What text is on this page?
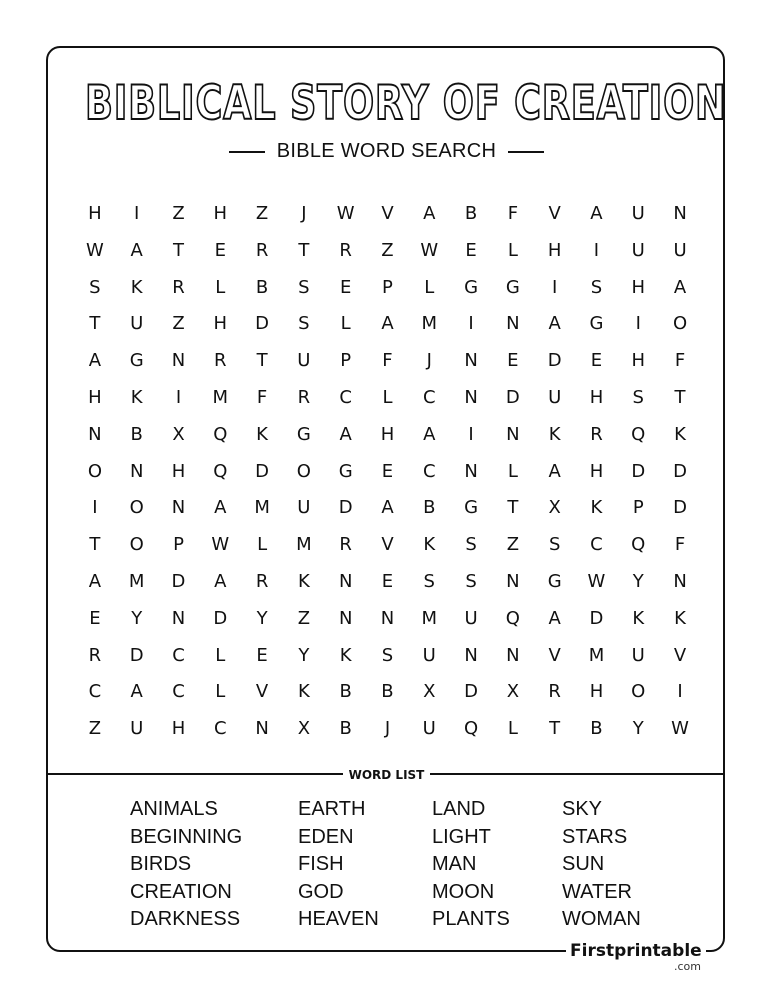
BIBLICAL STORY OF CREATION
BIBLE WORD SEARCH
H	I	Z	H	Z	J	W	V	A	B	F	V	A	U	N
W	A	T	E	R	T	R	Z	W	E	L	H	I	U	U
S	K	R	L	B	S	E	P	L	G	G	I	S	H	A
T	U	Z	H	D	S	L	A	M	I	N	A	G	I	O
A	G	N	R	T	U	P	F	J	N	E	D	E	H	F
H	K	I	M	F	R	C	L	C	N	D	U	H	S	T
N	B	X	Q	K	G	A	H	A	I	N	K	R	Q	K
O	N	H	Q	D	O	G	E	C	N	L	A	H	D	D
I	O	N	A	M	U	D	A	B	G	T	X	K	P	D
T	O	P	W	L	M	R	V	K	S	Z	S	C	Q	F
A	M	D	A	R	K	N	E	S	S	N	G	W	Y	N
E	Y	N	D	Y	Z	N	N	M	U	Q	A	D	K	K
R	D	C	L	E	Y	K	S	U	N	N	V	M	U	V
C	A	C	L	V	K	B	B	X	D	X	R	H	O	I
Z	U	H	C	N	X	B	J	U	Q	L	T	B	Y	W
WORD LIST
ANIMALS
BEGINNING
BIRDS
CREATION
DARKNESS
EARTH
EDEN
FISH
GOD
HEAVEN
LAND
LIGHT
MAN
MOON
PLANTS
SKY
STARS
SUN
WATER
WOMAN
Firstprintable
.com
